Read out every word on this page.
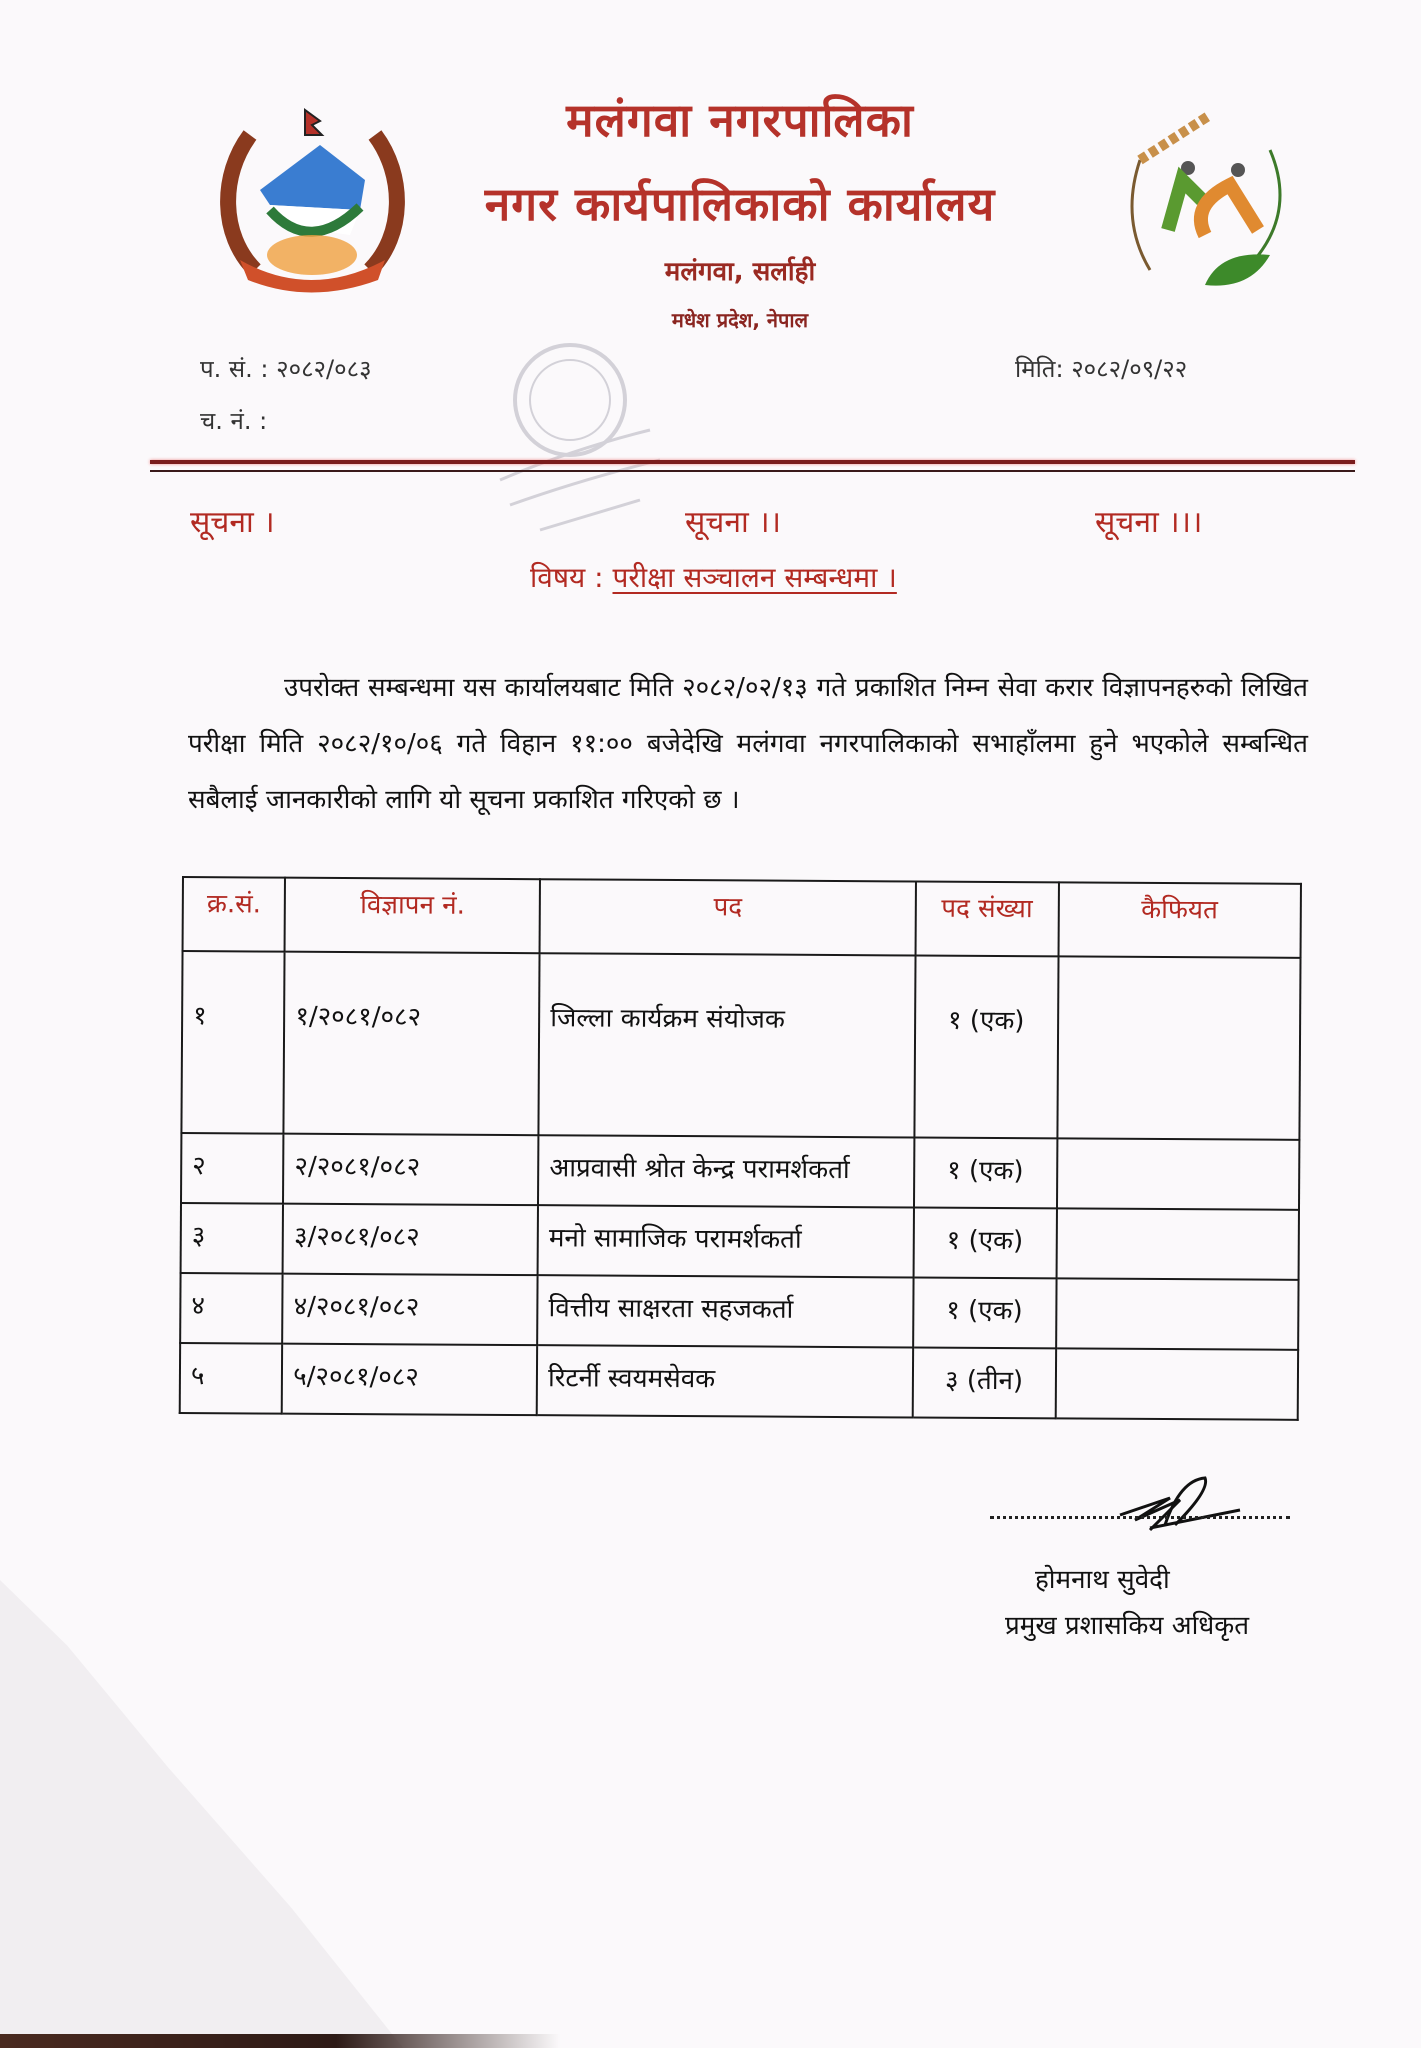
मलंगवा नगरपालिका
नगर कार्यपालिकाको कार्यालय
मलंगवा, सर्लाही
मधेश प्रदेश, नेपाल
प. सं. : २०८२/०८३
च. नं. :
मिति: २०८२/०९/२२
सूचना ।	सूचना ।।	सूचना ।।।
विषय : परीक्षा सञ्चालन सम्बन्धमा ।
उपरोक्त सम्बन्धमा यस कार्यालयबाट मिति २०८२/०२/१३ गते प्रकाशित निम्न सेवा करार विज्ञापनहरुको लिखित परीक्षा मिति २०८२/१०/०६ गते विहान ११:०० बजेदेखि मलंगवा नगरपालिकाको सभाहाँलमा हुने भएकोले सम्बन्धित सबैलाई जानकारीको लागि यो सूचना प्रकाशित गरिएको छ ।
क्र.सं.	विज्ञापन नं.	पद	पद संख्या	कैफियत
१	१/२०८१/०८२	जिल्ला कार्यक्रम संयोजक	१ (एक)	
२	२/२०८१/०८२	आप्रवासी श्रोत केन्द्र परामर्शकर्ता	१ (एक)	
३	३/२०८१/०८२	मनो सामाजिक परामर्शकर्ता	१ (एक)	
४	४/२०८१/०८२	वित्तीय साक्षरता सहजकर्ता	१ (एक)	
५	५/२०८१/०८२	रिटर्नी स्वयमसेवक	३ (तीन)	
होमनाथ सुवेदी
प्रमुख प्रशासकिय अधिकृत
